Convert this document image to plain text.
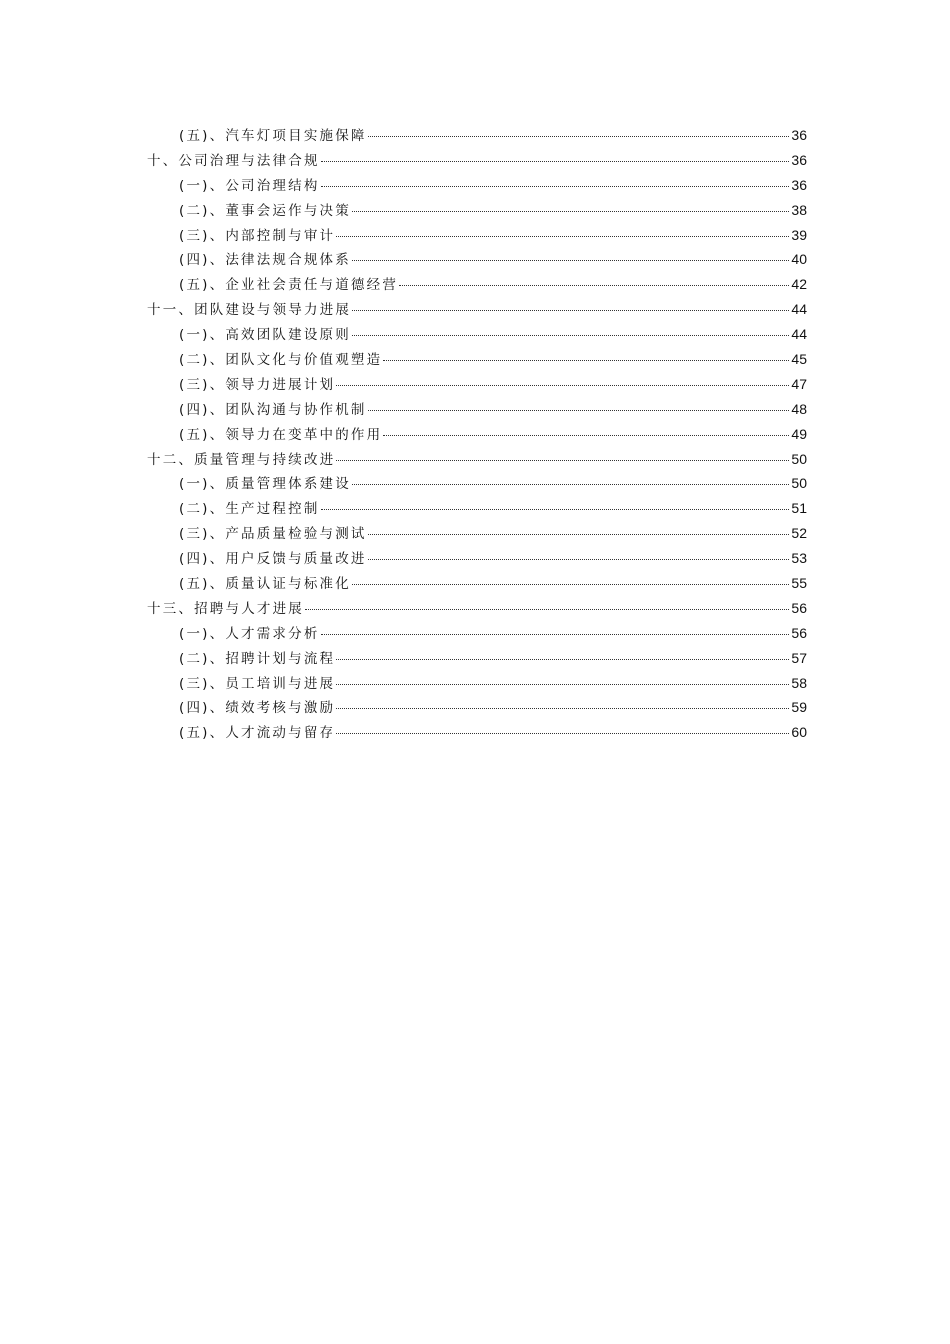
(五)、汽车灯项目实施保障	36
十、公司治理与法律合规	36
(一)、公司治理结构	36
(二)、董事会运作与决策	38
(三)、内部控制与审计	39
(四)、法律法规合规体系	40
(五)、企业社会责任与道德经营	42
十一、团队建设与领导力进展	44
(一)、高效团队建设原则	44
(二)、团队文化与价值观塑造	45
(三)、领导力进展计划	47
(四)、团队沟通与协作机制	48
(五)、领导力在变革中的作用	49
十二、质量管理与持续改进	50
(一)、质量管理体系建设	50
(二)、生产过程控制	51
(三)、产品质量检验与测试	52
(四)、用户反馈与质量改进	53
(五)、质量认证与标准化	55
十三、招聘与人才进展	56
(一)、人才需求分析	56
(二)、招聘计划与流程	57
(三)、员工培训与进展	58
(四)、绩效考核与激励	59
(五)、人才流动与留存	60
